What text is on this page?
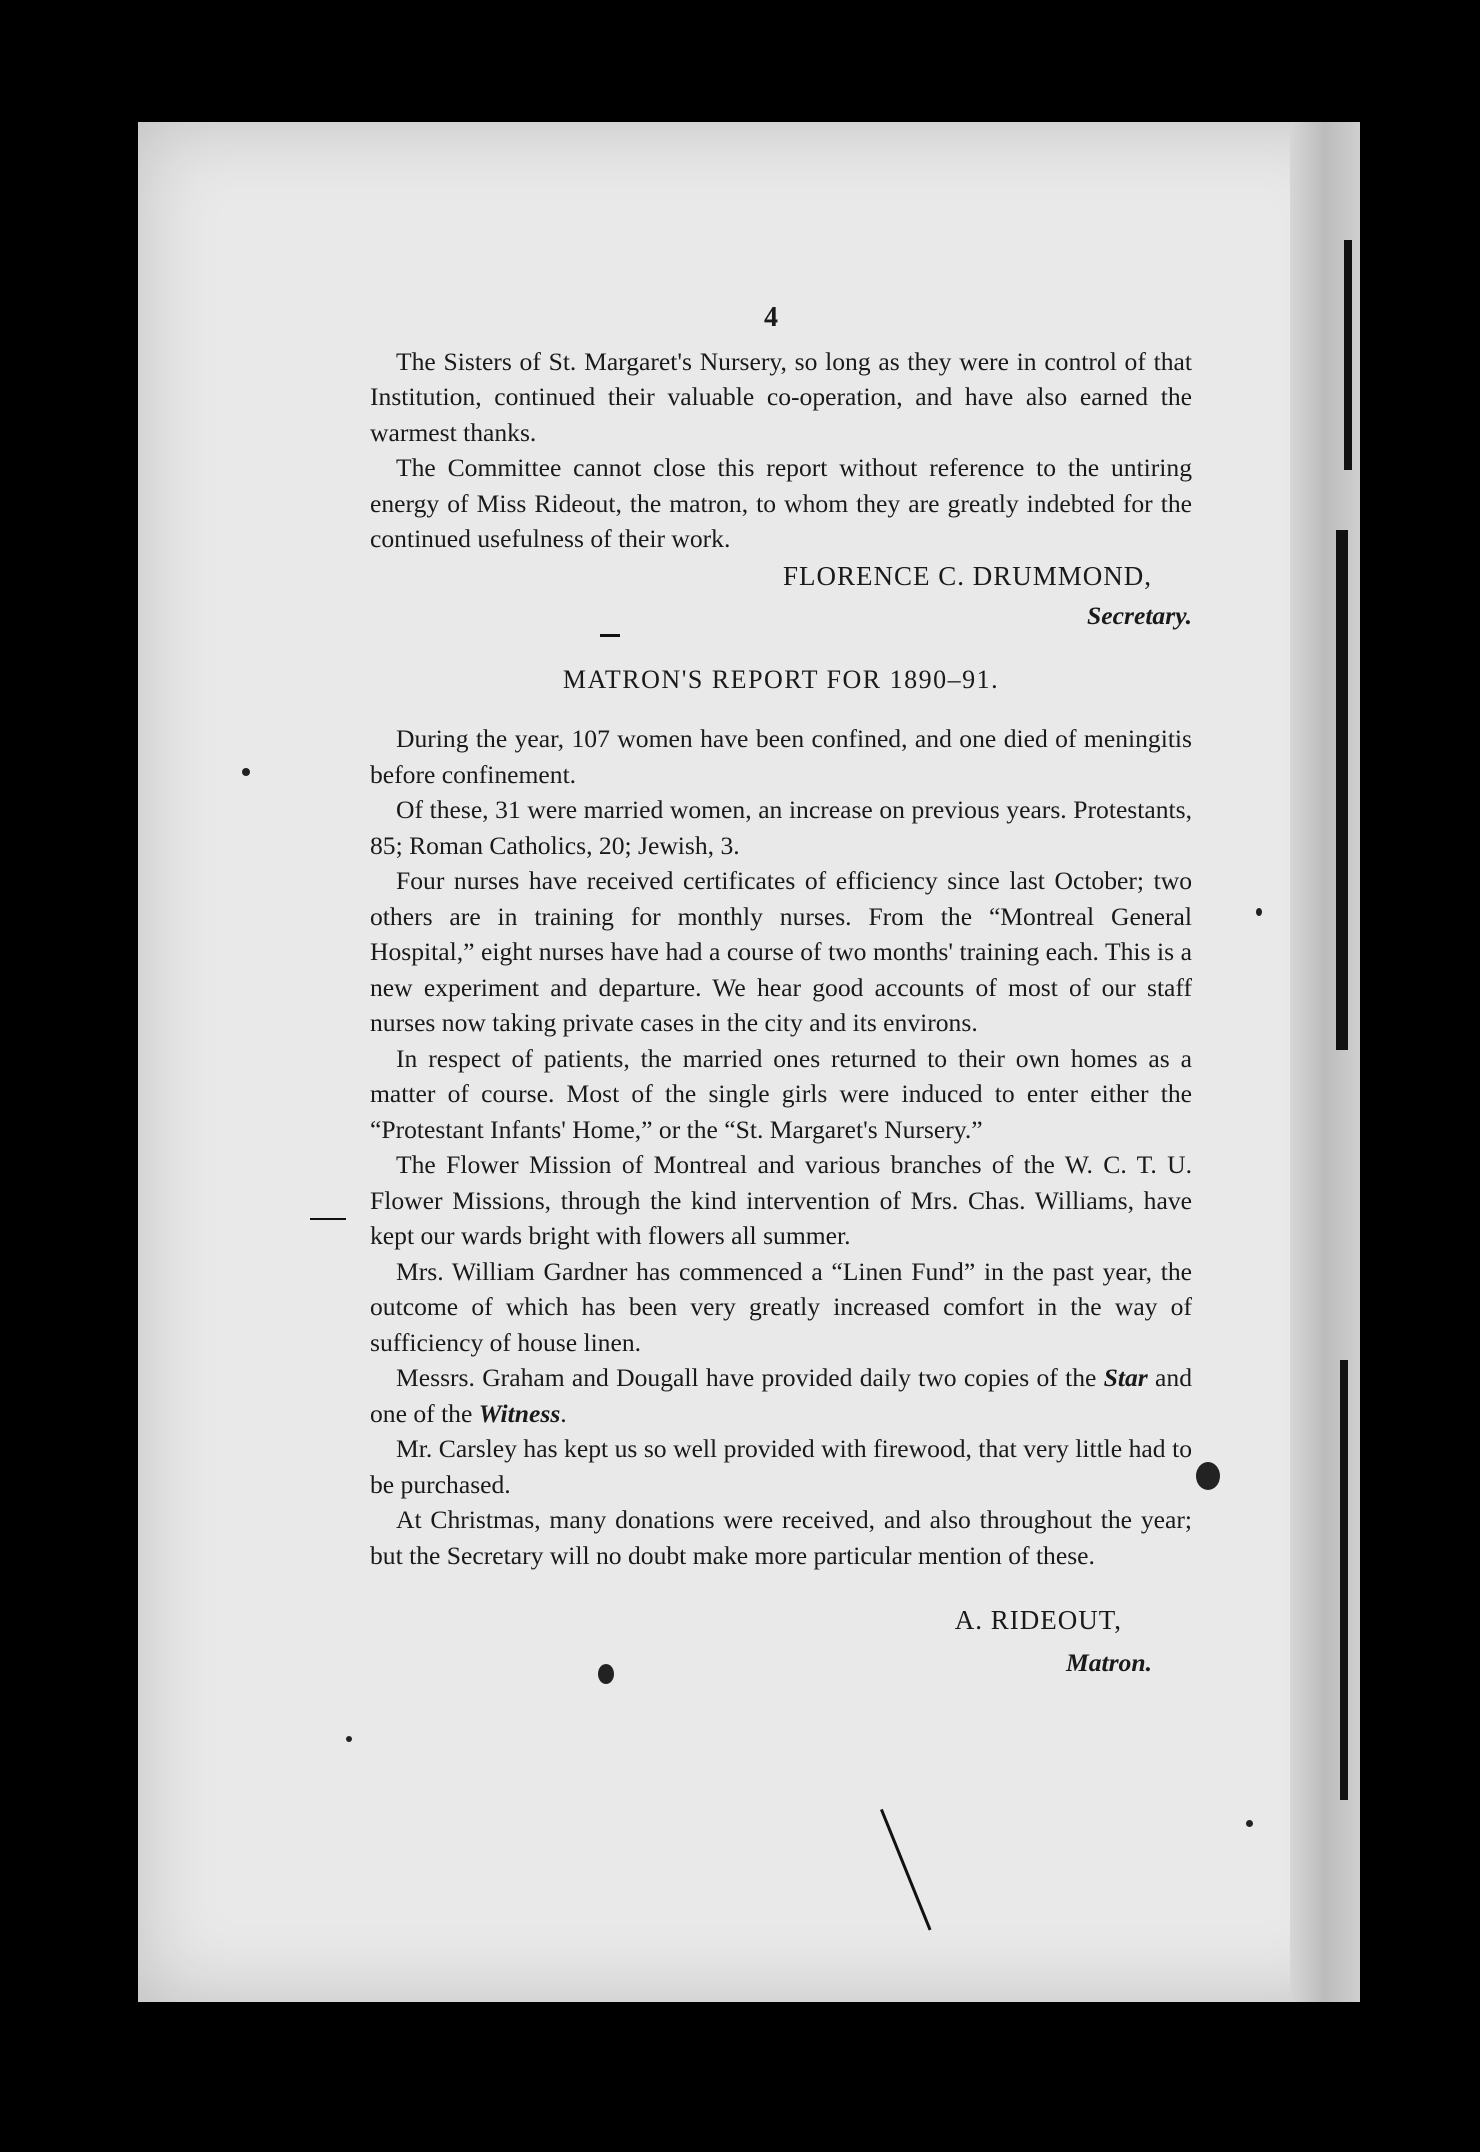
4

The Sisters of St. Margaret's Nursery, so long as they were in control of that Institution, continued their valuable co-operation, and have also earned the warmest thanks.

The Committee cannot close this report without reference to the untiring energy of Miss Rideout, the matron, to whom they are greatly indebted for the continued usefulness of their work.

FLORENCE C. DRUMMOND,

Secretary.

MATRON'S REPORT FOR 1890–91.

During the year, 107 women have been confined, and one died of meningitis before confinement.

Of these, 31 were married women, an increase on previous years. Protestants, 85; Roman Catholics, 20; Jewish, 3.

Four nurses have received certificates of efficiency since last October; two others are in training for monthly nurses. From the “Montreal General Hospital,” eight nurses have had a course of two months' training each. This is a new experiment and departure. We hear good accounts of most of our staff nurses now taking private cases in the city and its environs.

In respect of patients, the married ones returned to their own homes as a matter of course. Most of the single girls were induced to enter either the “Protestant Infants' Home,” or the “St. Margaret's Nursery.”

The Flower Mission of Montreal and various branches of the W. C. T. U. Flower Missions, through the kind intervention of Mrs. Chas. Williams, have kept our wards bright with flowers all summer.

Mrs. William Gardner has commenced a “Linen Fund” in the past year, the outcome of which has been very greatly increased comfort in the way of sufficiency of house linen.

Messrs. Graham and Dougall have provided daily two copies of the Star and one of the Witness.

Mr. Carsley has kept us so well provided with firewood, that very little had to be purchased.

At Christmas, many donations were received, and also throughout the year; but the Secretary will no doubt make more particular mention of these.

A. RIDEOUT,

Matron.
